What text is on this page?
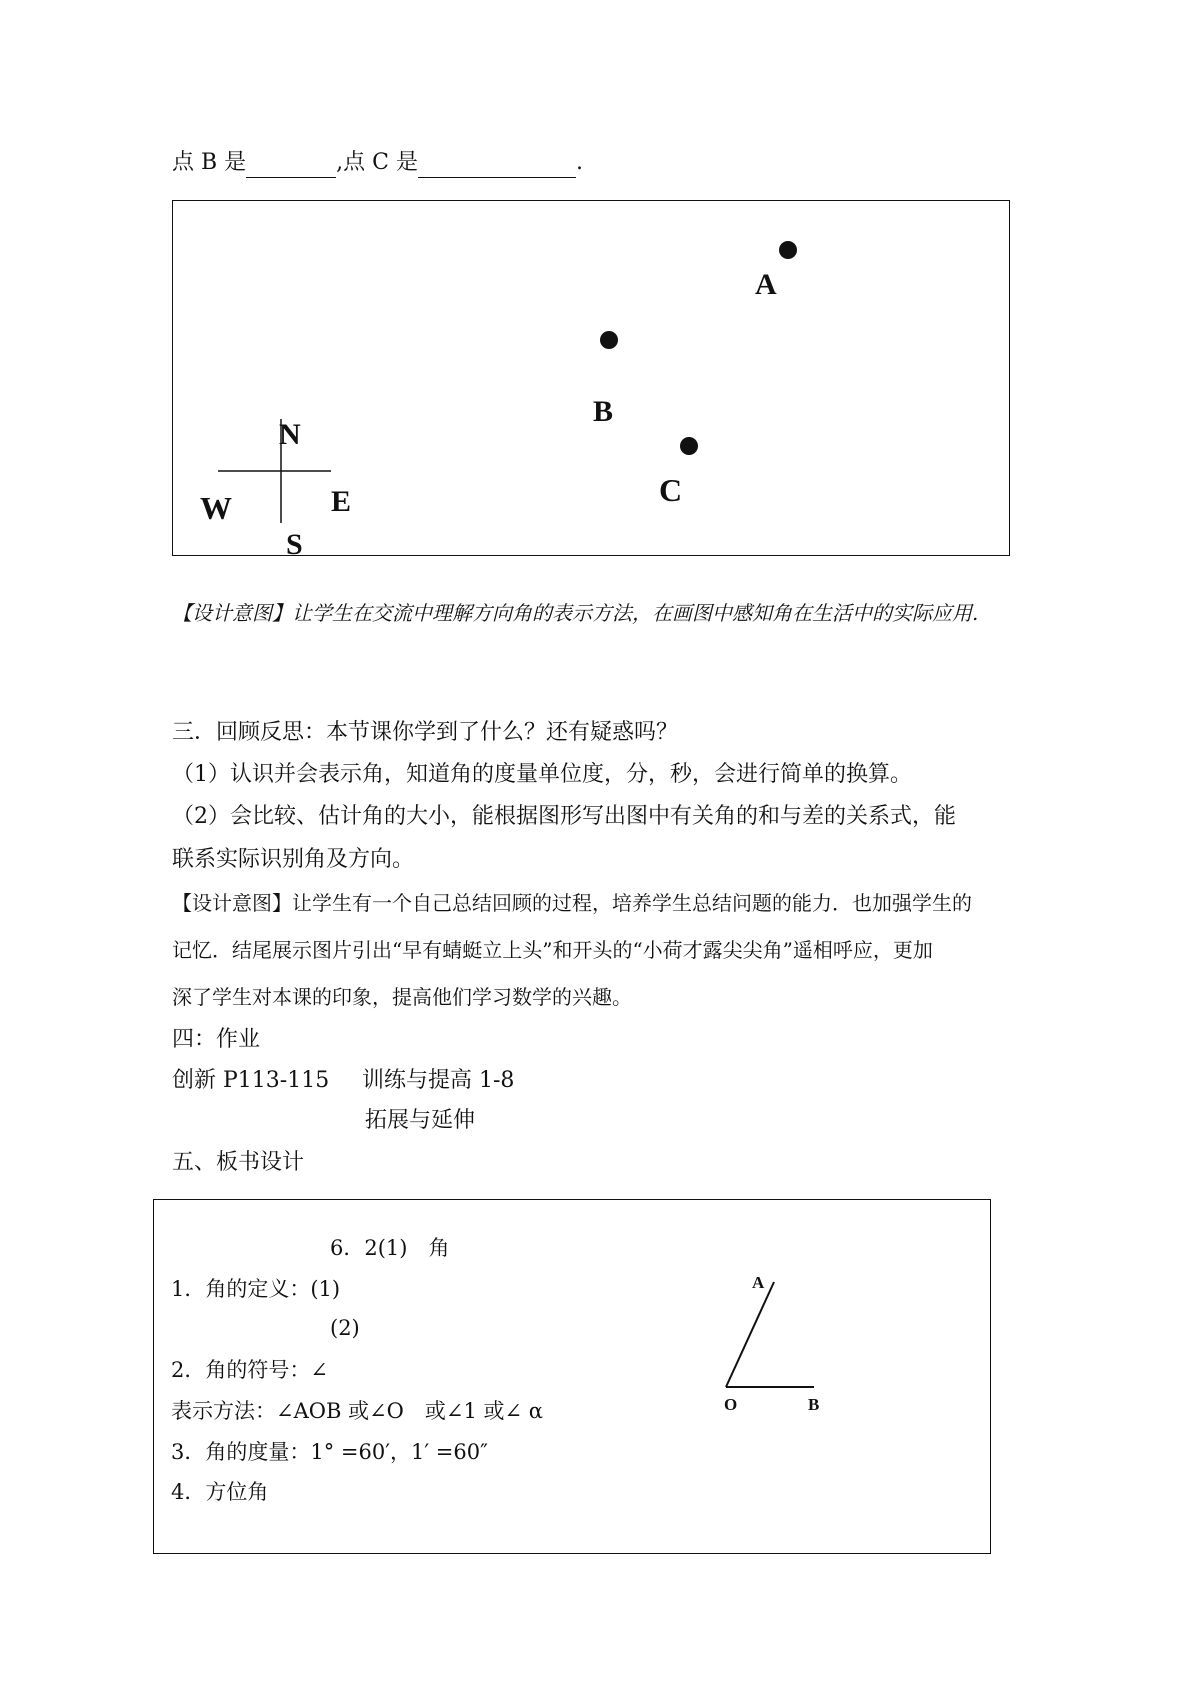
点 B 是	,点 C 是	.
A
B
C
N
E
W
S
【设计意图】让学生在交流中理解方向角的表示方法，在画图中感知角在生活中的实际应用.
三．回顾反思：本节课你学到了什么？还有疑惑吗？
（1）认识并会表示角，知道角的度量单位度，分，秒，会进行简单的换算。
（2）会比较、估计角的大小，能根据图形写出图中有关角的和与差的关系式，能
联系实际识别角及方向。
【设计意图】让学生有一个自己总结回顾的过程，培养学生总结问题的能力．也加强学生的
记忆．结尾展示图片引出“早有蜻蜓立上头”和开头的“小荷才露尖尖角”遥相呼应，更加
深了学生对本课的印象，提高他们学习数学的兴趣。
四：作业
创新 P113-115 训练与提高 1-8
拓展与延伸
五、板书设计
6．2(1)　角
1．角的定义：(1)
(2)
2．角的符号：∠
表示方法：∠AOB 或∠O　或∠1 或∠ α
3．角的度量：1° =60′，1′ =60″
4．方位角
A
O	B
